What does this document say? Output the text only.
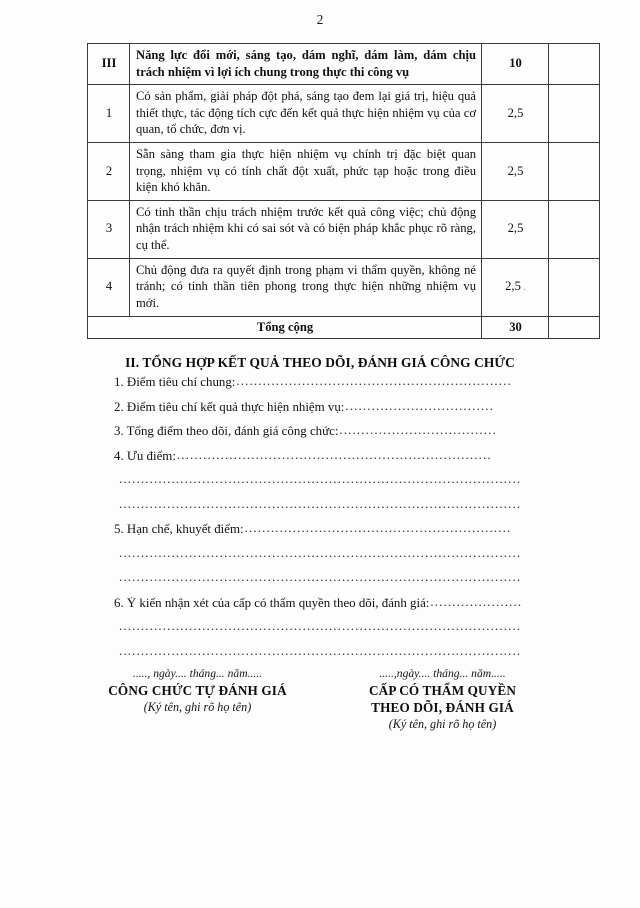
2
III	Năng lực đổi mới, sáng tạo, dám nghĩ, dám làm, dám chịu trách nhiệm vì lợi ích chung trong thực thi công vụ	10	
1	Có sản phẩm, giải pháp đột phá, sáng tạo đem lại giá trị, hiệu quả thiết thực, tác động tích cực đến kết quả thực hiện nhiệm vụ của cơ quan, tổ chức, đơn vị.	2,5	
2	Sẵn sàng tham gia thực hiện nhiệm vụ chính trị đặc biệt quan trọng, nhiệm vụ có tính chất đột xuất, phức tạp hoặc trong điều kiện khó khăn.	2,5	
3	Có tinh thần chịu trách nhiệm trước kết quả công việc; chủ động nhận trách nhiệm khi có sai sót và có biện pháp khắc phục rõ ràng, cụ thể.	2,5	
4	Chủ động đưa ra quyết định trong phạm vi thẩm quyền, không né tránh; có tinh thần tiên phong trong thực hiện những nhiệm vụ mới.	2,5 .	
Tổng cộng		30	
II. TỔNG HỢP KẾT QUẢ THEO DÕI, ĐÁNH GIÁ CÔNG CHỨC
1. Điểm tiêu chí chung: ...............................................................
2. Điểm tiêu chí kết quả thực hiện nhiệm vụ: ..................................
3. Tổng điểm theo dõi, đánh giá công chức: ....................................
4. Ưu điểm: ........................................................................
............................................................................................
............................................................................................
5. Hạn chế, khuyết điểm: .............................................................
............................................................................................
............................................................................................
6. Ý kiến nhận xét của cấp có thẩm quyền theo dõi, đánh giá: .....................
............................................................................................
............................................................................................
....., ngày.... tháng... năm.....
CÔNG CHỨC TỰ ĐÁNH GIÁ
(Ký tên, ghi rõ họ tên)
.....,ngày.... tháng... năm.....
CẤP CÓ THẨM QUYỀN
THEO DÕI, ĐÁNH GIÁ
(Ký tên, ghi rõ họ tên)
